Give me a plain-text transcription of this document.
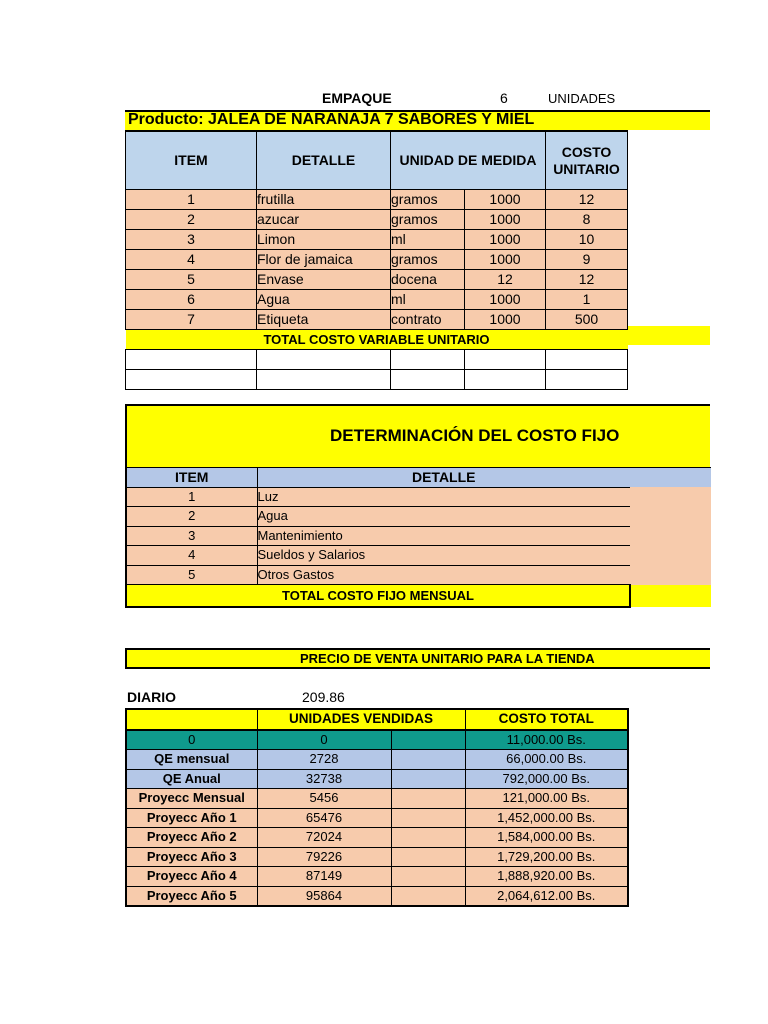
EMPAQUE	6	UNIDADES
Producto: JALEA DE NARANAJA 7 SABORES Y MIEL
ITEM	DETALLE	UNIDAD DE MEDIDA		COSTO UNITARIO
1	frutilla	gramos	1000	12
2	azucar	gramos	1000	8
3	Limon	ml	1000	10
4	Flor de jamaica	gramos	1000	9
5	Envase	docena	12	12
6	Agua	ml	1000	1
7	Etiqueta	contrato	1000	500
TOTAL COSTO VARIABLE UNITARIO				

DETERMINACIÓN DEL COSTO FIJO
ITEM	DETALLE	
1	Luz	
2	Agua	
3	Mantenimiento	
4	Sueldos y Salarios	
5	Otros Gastos	
TOTAL COSTO FIJO MENSUAL		
PRECIO DE VENTA UNITARIO PARA LA TIENDA
DIARIO	209.86
	UNIDADES VENDIDAS		COSTO TOTAL
0	0		11,000.00 Bs.
QE mensual	2728		66,000.00 Bs.
QE Anual	32738		792,000.00 Bs.
Proyecc Mensual	5456		121,000.00 Bs.
Proyecc Año 1	65476		1,452,000.00 Bs.
Proyecc Año 2	72024		1,584,000.00 Bs.
Proyecc Año 3	79226		1,729,200.00 Bs.
Proyecc Año 4	87149		1,888,920.00 Bs.
Proyecc Año 5	95864		2,064,612.00 Bs.
